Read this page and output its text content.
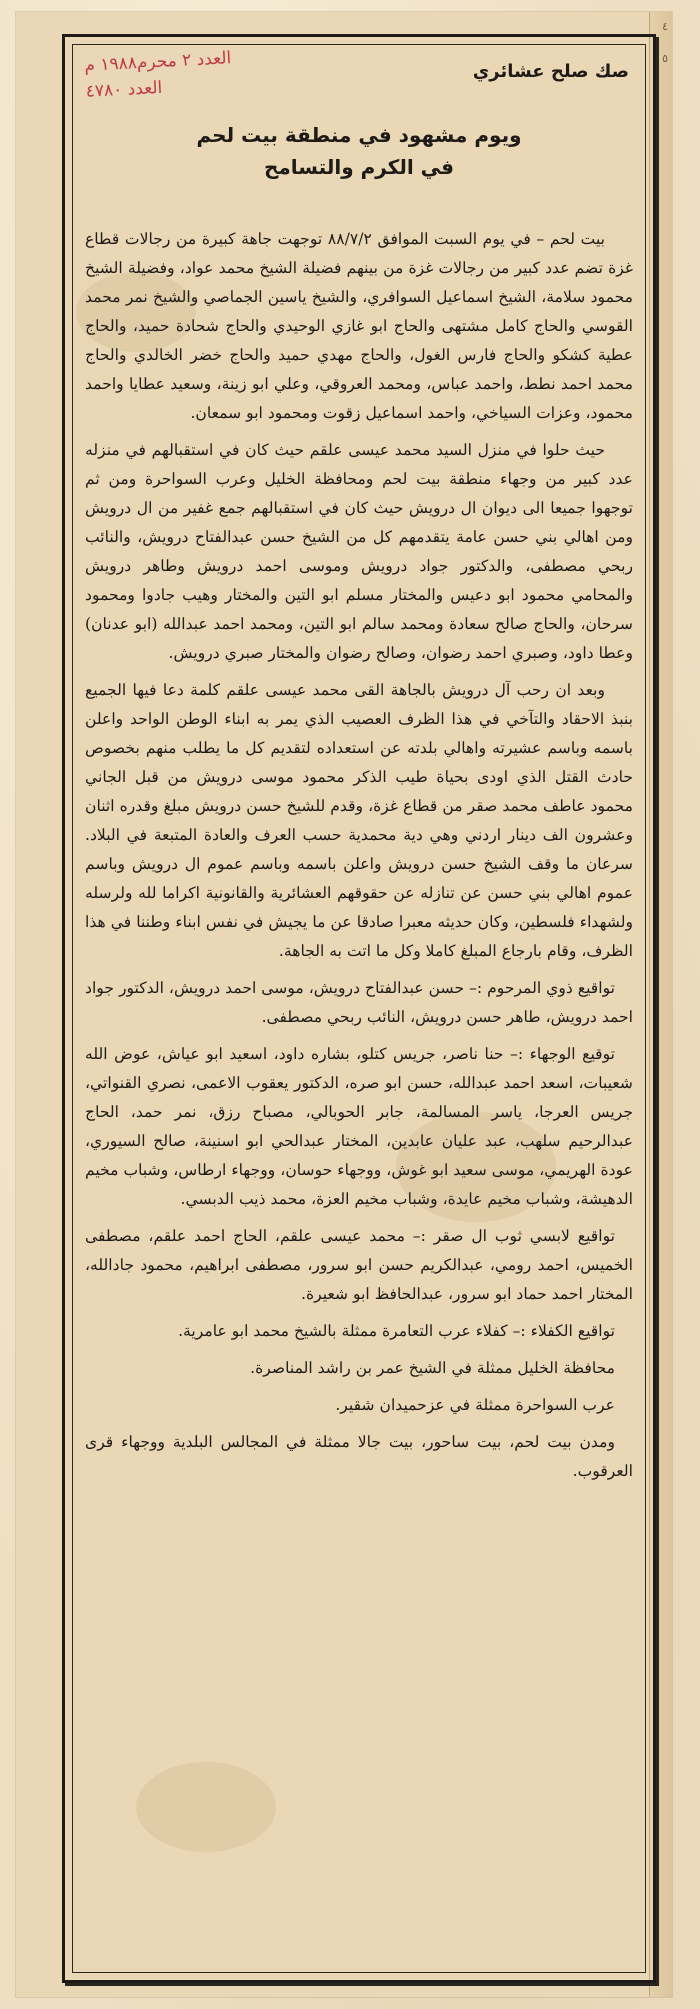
٤
٥
العدد ٢ محرم١٩٨٨ م
العدد ٤٧٨٠
صك صلح عشائري
ويوم مشهود في منطقة بيت لحم
في الكرم والتسامح

بيت لحم – في يوم السبت الموافق ٨٨/٧/٢ توجهت جاهة كبيرة من رجالات قطاع غزة تضم عدد كبير من رجالات غزة من بينهم فضيلة الشيخ محمد عواد، وفضيلة الشيخ محمود سلامة، الشيخ اسماعيل السوافري، والشيخ ياسين الجماصي والشيخ نمر محمد القوسي والحاج كامل مشتهى والحاج ابو غازي الوحيدي والحاج شحادة حميد، والحاج عطية كشكو والحاج فارس الغول، والحاج مهدي حميد والحاج خضر الخالدي والحاج محمد احمد نطط، واحمد عباس، ومحمد العروقي، وعلي ابو زينة، وسعيد عطايا واحمد محمود، وعزات السياخي، واحمد اسماعيل زقوت ومحمود ابو سمعان.

حيث حلوا في منزل السيد محمد عيسى علقم حيث كان في استقبالهم في منزله عدد كبير من وجهاء منطقة بيت لحم ومحافظة الخليل وعرب السواحرة ومن ثم توجهوا جميعا الى ديوان ال درويش حيث كان في استقبالهم جمع غفير من ال درويش ومن اهالي بني حسن عامة يتقدمهم كل من الشيخ حسن عبدالفتاح درويش، والنائب ربحي مصطفى، والدكتور جواد درويش وموسى احمد درويش وطاهر درويش والمحامي محمود ابو دعيس والمختار مسلم ابو التين والمختار وهيب جادوا ومحمود سرحان، والحاج صالح سعادة ومحمد سالم ابو التين، ومحمد احمد عبدالله (ابو عدنان) وعطا داود، وصبري احمد رضوان، وصالح رضوان والمختار صبري درويش.

وبعد ان رحب آل درويش بالجاهة القى محمد عيسى علقم كلمة دعا فيها الجميع بنبذ الاحقاد والتآخي في هذا الظرف العصيب الذي يمر به ابناء الوطن الواحد واعلن باسمه وباسم عشيرته واهالي بلدته عن استعداده لتقديم كل ما يطلب منهم بخصوص حادث القتل الذي اودى بحياة طيب الذكر محمود موسى درويش من قبل الجاني محمود عاطف محمد صقر من قطاع غزة، وقدم للشيخ حسن درويش مبلغ وقدره اثنان وعشرون الف دينار اردني وهي دية محمدية حسب العرف والعادة المتبعة في البلاد. سرعان ما وقف الشيخ حسن درويش واعلن باسمه وباسم عموم ال درويش وباسم عموم اهالي بني حسن عن تنازله عن حقوقهم العشائرية والقانونية اكراما لله ولرسله ولشهداء فلسطين، وكان حديثه معبرا صادقا عن ما يجيش في نفس ابناء وطننا في هذا الظرف، وقام بارجاع المبلغ كاملا وكل ما اتت به الجاهة.

تواقيع ذوي المرحوم :– حسن عبدالفتاح درويش، موسى احمد درويش، الدكتور جواد احمد درويش، طاهر حسن درويش، النائب ربحي مصطفى.

توقيع الوجهاء :– حنا ناصر، جريس كتلو، بشاره داود، اسعيد ابو عياش، عوض الله شعيبات، اسعد احمد عبدالله، حسن ابو صره، الدكتور يعقوب الاعمى، نصري القنواتي، جريس العرجا، ياسر المسالمة، جابر الحوبالي، مصباح رزق، نمر حمد، الحاج عبدالرحيم سلهب، عبد عليان عابدين، المختار عبدالحي ابو اسنينة، صالح السيوري، عودة الهريمي، موسى سعيد ابو غوش، ووجهاء حوسان، ووجهاء ارطاس، وشباب مخيم الدهيشة، وشباب مخيم عايدة، وشباب مخيم العزة، محمد ذيب الدبسي.

تواقيع لابسي ثوب ال صقر :– محمد عيسى علقم، الحاج احمد علقم، مصطفى الخميس، احمد رومي، عبدالكريم حسن ابو سرور، مصطفى ابراهيم، محمود جادالله، المختار احمد حماد ابو سرور، عبدالحافظ ابو شعيرة.

تواقيع الكفلاء :– كفلاء عرب التعامرة ممثلة بالشيخ محمد ابو عامرية.

محافظة الخليل ممثلة في الشيخ عمر بن راشد المناصرة.

عرب السواحرة ممثلة في عزحميدان شقير.

ومدن بيت لحم، بيت ساحور، بيت جالا ممثلة في المجالس البلدية ووجهاء قرى العرقوب.
